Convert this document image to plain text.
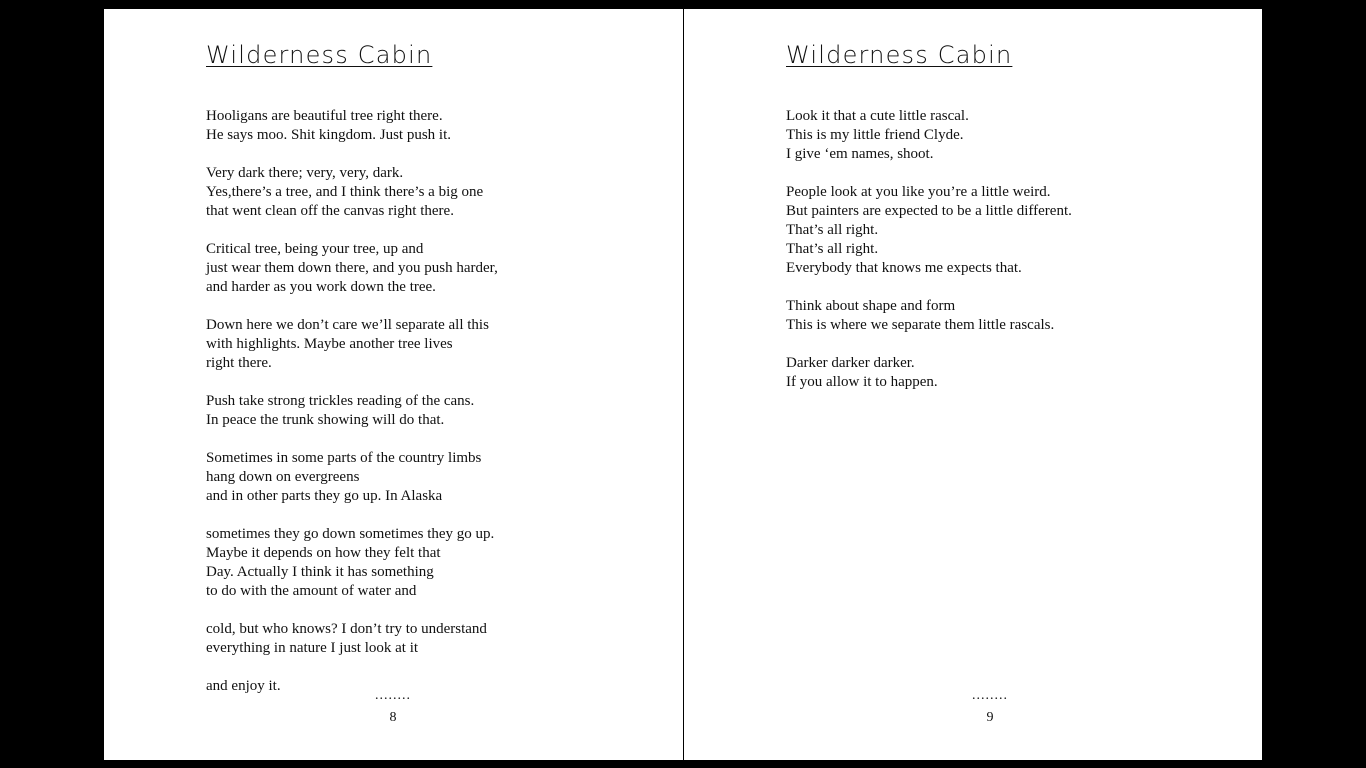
Wilderness Cabin

Hooligans are beautiful tree right there.
He says moo. Shit kingdom. Just push it.

Very dark there; very, very, dark.
Yes,there’s a tree, and I think there’s a big one
that went clean off the canvas right there.

Critical tree, being your tree, up and
just wear them down there, and you push harder,
and harder as you work down the tree.

Down here we don’t care we’ll separate all this
with highlights. Maybe another tree lives
right there.

Push take strong trickles reading of the cans.
In peace the trunk showing will do that.

Sometimes in some parts of the country limbs
hang down on evergreens
and in other parts they go up. In Alaska

sometimes they go down sometimes they go up.
Maybe it depends on how they felt that
Day. Actually I think it has something
to do with the amount of water and

cold, but who knows? I don’t try to understand
everything in nature I just look at it

and enjoy it.

........
8
Wilderness Cabin

Look it that a cute little rascal.
This is my little friend Clyde.
I give ‘em names, shoot.

People look at you like you’re a little weird.
But painters are expected to be a little different.
That’s all right.
That’s all right.
Everybody that knows me expects that.

Think about shape and form
This is where we separate them little rascals.

Darker darker darker.
If you allow it to happen.

........
9
